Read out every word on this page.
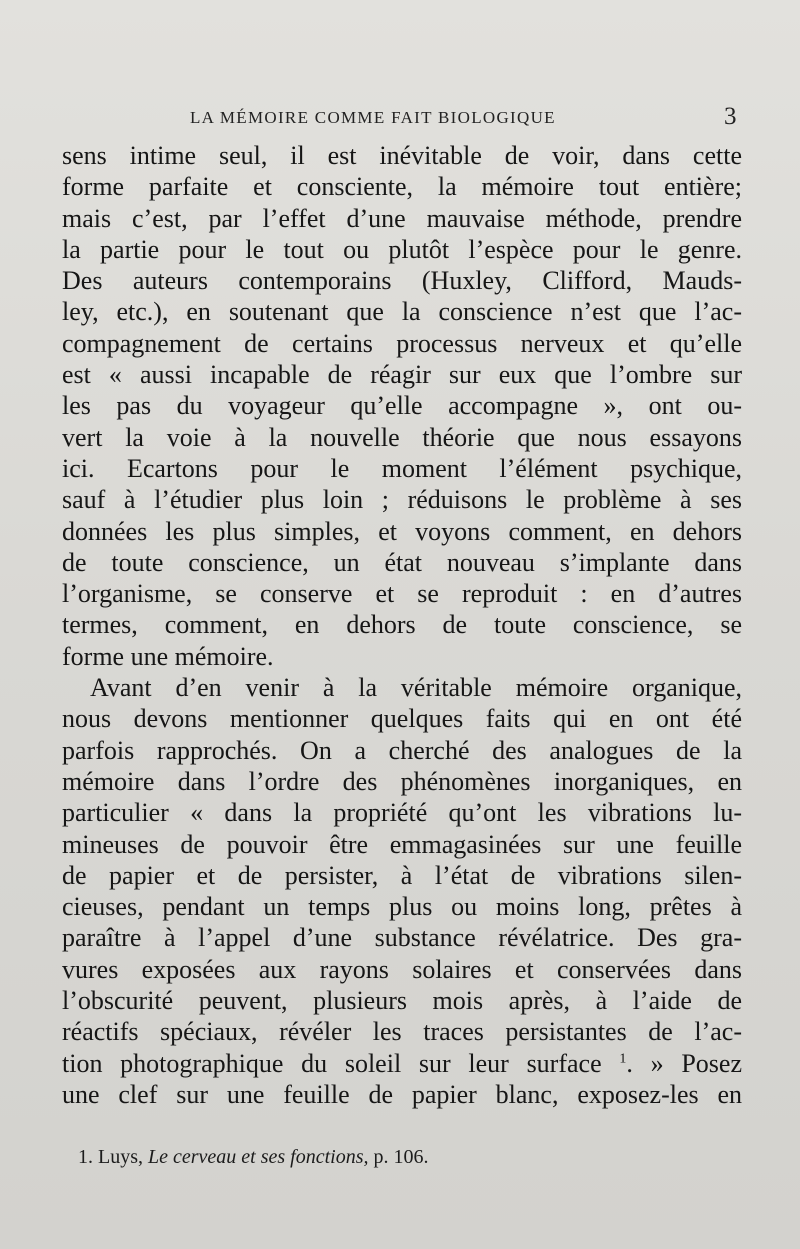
LA MÉMOIRE COMME FAIT BIOLOGIQUE	3
sens intime seul, il est inévitable de voir, dans cette
forme parfaite et consciente, la mémoire tout entière;
mais c’est, par l’effet d’une mauvaise méthode, prendre
la partie pour le tout ou plutôt l’espèce pour le genre.
Des auteurs contemporains (Huxley, Clifford, Mauds-
ley, etc.), en soutenant que la conscience n’est que l’ac-
compagnement de certains processus nerveux et qu’elle
est « aussi incapable de réagir sur eux que l’ombre sur
les pas du voyageur qu’elle accompagne », ont ou-
vert la voie à la nouvelle théorie que nous essayons
ici. Ecartons pour le moment l’élément psychique,
sauf à l’étudier plus loin ; réduisons le problème à ses
données les plus simples, et voyons comment, en dehors
de toute conscience, un état nouveau s’implante dans
l’organisme, se conserve et se reproduit : en d’autres
termes, comment, en dehors de toute conscience, se
forme une mémoire.
Avant d’en venir à la véritable mémoire organique,
nous devons mentionner quelques faits qui en ont été
parfois rapprochés. On a cherché des analogues de la
mémoire dans l’ordre des phénomènes inorganiques, en
particulier « dans la propriété qu’ont les vibrations lu-
mineuses de pouvoir être emmagasinées sur une feuille
de papier et de persister, à l’état de vibrations silen-
cieuses, pendant un temps plus ou moins long, prêtes à
paraître à l’appel d’une substance révélatrice. Des gra-
vures exposées aux rayons solaires et conservées dans
l’obscurité peuvent, plusieurs mois après, à l’aide de
réactifs spéciaux, révéler les traces persistantes de l’ac-
tion photographique du soleil sur leur surface $^1$. » Posez
une clef sur une feuille de papier blanc, exposez-les en
1. Luys, Le cerveau et ses fonctions, p. 106.
